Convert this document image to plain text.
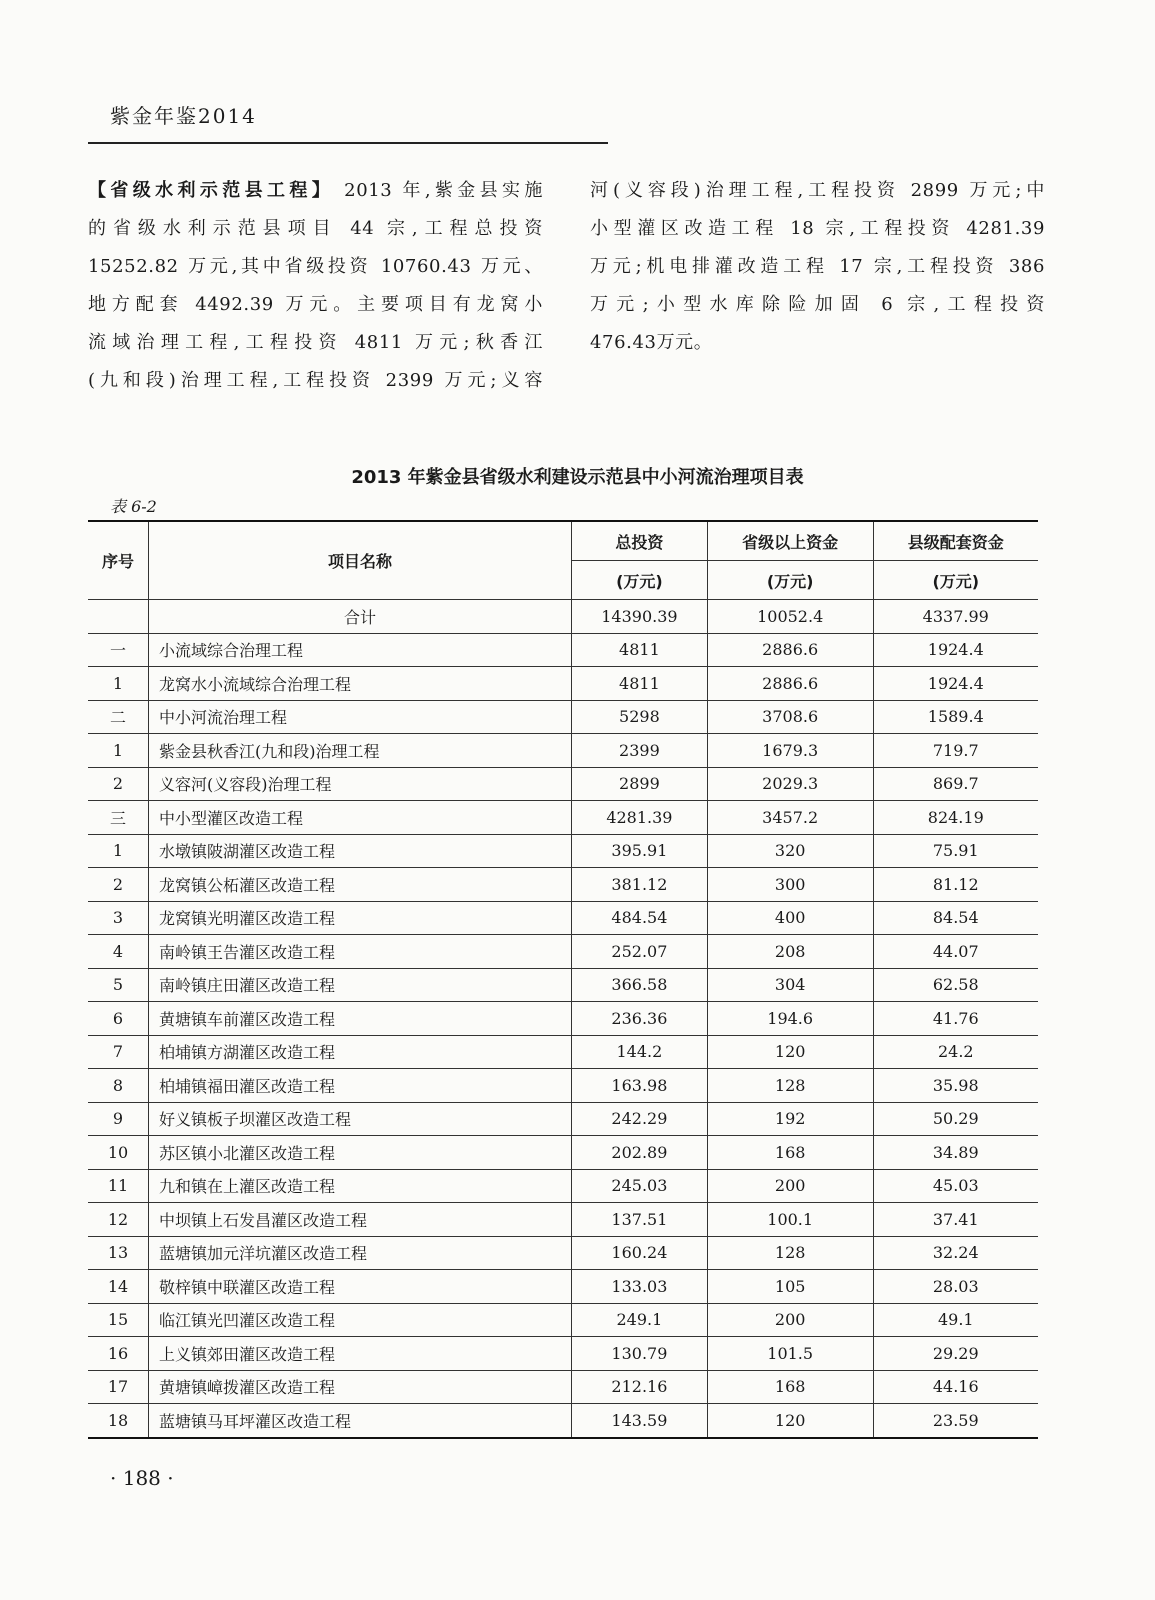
紫金年鉴2014
【省级水利示范县工程】 2013 年,紫金县实施
的省级水利示范县项目 44 宗,工程总投资
15252.82 万元,其中省级投资 10760.43 万元、
地方配套 4492.39 万元。主要项目有龙窝小
流域治理工程,工程投资 4811 万元;秋香江
(九和段)治理工程,工程投资 2399 万元;义容
河(义容段)治理工程,工程投资 2899 万元;中
小型灌区改造工程 18 宗,工程投资 4281.39
万元;机电排灌改造工程 17 宗,工程投资 386
万元;小型水库除险加固 6 宗,工程投资
476.43万元。
2013 年紫金县省级水利建设示范县中小河流治理项目表
表 6-2
序号	项目名称	总投资	省级以上资金	县级配套资金
		(万元)	(万元)	(万元)
	合计	14390.39	10052.4	4337.99
一	小流域综合治理工程	4811	2886.6	1924.4
1	龙窝水小流域综合治理工程	4811	2886.6	1924.4
二	中小河流治理工程	5298	3708.6	1589.4
1	紫金县秋香江(九和段)治理工程	2399	1679.3	719.7
2	义容河(义容段)治理工程	2899	2029.3	869.7
三	中小型灌区改造工程	4281.39	3457.2	824.19
1	水墩镇陂湖灌区改造工程	395.91	320	75.91
2	龙窝镇公柘灌区改造工程	381.12	300	81.12
3	龙窝镇光明灌区改造工程	484.54	400	84.54
4	南岭镇王告灌区改造工程	252.07	208	44.07
5	南岭镇庄田灌区改造工程	366.58	304	62.58
6	黄塘镇车前灌区改造工程	236.36	194.6	41.76
7	柏埔镇方湖灌区改造工程	144.2	120	24.2
8	柏埔镇福田灌区改造工程	163.98	128	35.98
9	好义镇板子坝灌区改造工程	242.29	192	50.29
10	苏区镇小北灌区改造工程	202.89	168	34.89
11	九和镇在上灌区改造工程	245.03	200	45.03
12	中坝镇上石发昌灌区改造工程	137.51	100.1	37.41
13	蓝塘镇加元洋坑灌区改造工程	160.24	128	32.24
14	敬梓镇中联灌区改造工程	133.03	105	28.03
15	临江镇光凹灌区改造工程	249.1	200	49.1
16	上义镇郊田灌区改造工程	130.79	101.5	29.29
17	黄塘镇嶂拨灌区改造工程	212.16	168	44.16
18	蓝塘镇马耳坪灌区改造工程	143.59	120	23.59
· 188 ·
